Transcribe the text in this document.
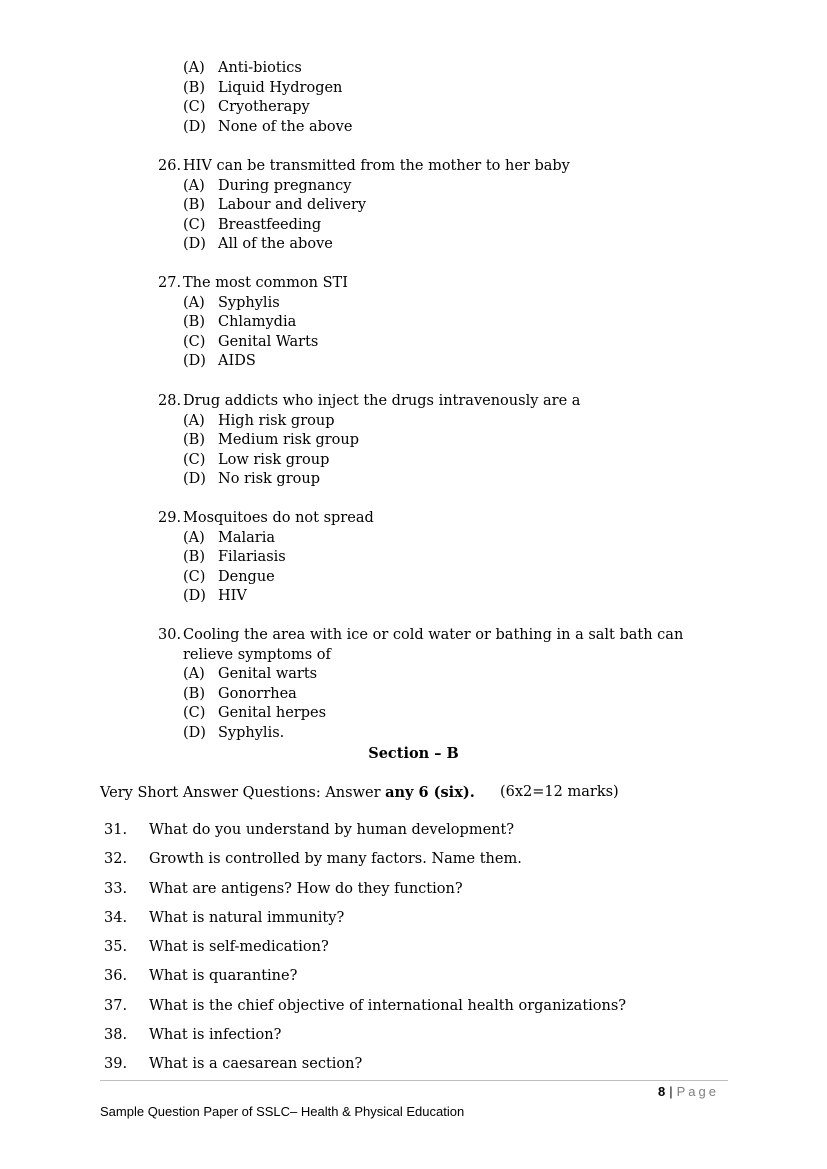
(A) Anti-biotics
(B) Liquid Hydrogen
(C) Cryotherapy
(D) None of the above
26. HIV can be transmitted from the mother to her baby
(A) During pregnancy
(B) Labour and delivery
(C) Breastfeeding
(D) All of the above
27. The most common STI
(A) Syphylis
(B) Chlamydia
(C) Genital Warts
(D) AIDS
28. Drug addicts who inject the drugs intravenously are a
(A) High risk group
(B) Medium risk group
(C) Low risk group
(D) No risk group
29. Mosquitoes do not spread
(A) Malaria
(B) Filariasis
(C) Dengue
(D) HIV
30. Cooling the area with ice or cold water or bathing in a salt bath can relieve symptoms of
(A) Genital warts
(B) Gonorrhea
(C) Genital herpes
(D) Syphylis.
Section – B
Very Short Answer Questions: Answer any 6 (six). (6x2=12 marks)
31.	What do you understand by human development?
32.	Growth is controlled by many factors. Name them.
33.	What are antigens? How do they function?
34.	What is natural immunity?
35.	What is self-medication?
36.	What is quarantine?
37.	What is the chief objective of international health organizations?
38.	What is infection?
39.	What is a caesarean section?
8 | Page
Sample Question Paper of SSLC– Health & Physical Education
